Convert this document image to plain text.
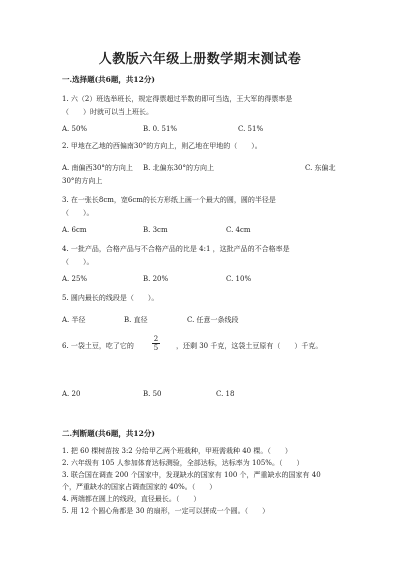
人教版六年级上册数学期末测试卷
一.选择题(共6题，共12分)
1. 六（2）班选举班长，规定得票超过半数的即可当选，王大军的得票率是
（　　）时就可以当上班长。
A. 50%	B. 0. 51%	C. 51%
2. 甲地在乙地的西偏南30°的方向上，则乙地在甲地的（　　）。
A. 南偏西30°的方向上 B. 北偏东30°的方向上	C. 东偏北
30°的方向上
3. 在一张长8cm，宽6cm的长方形纸上画一个最大的圆，圆的半径是
（　　）。
A. 6cm	B. 3cm	C. 4cm
4. 一批产品，合格产品与不合格产品的比是 4:1 ，这批产品的不合格率是
（　　）。
A. 25%	B. 20%	C. 10%
5. 圆内最长的线段是（　　）。
A. 半径	B. 直径	C. 任意一条线段
6. 一袋土豆，吃了它的
2
5	，还剩 30 千克，这袋土豆原有（　　）千克。
A. 20	B. 50	C. 18
二.判断题(共6题，共12分)
1. 把 60 棵树苗按 3:2 分给甲乙两个班栽种，甲班需栽种 40 棵。（　　）
2. 六年级有 105 人参加体育达标测验，全部达标，达标率为 105%。（　　）
3. 联合国在调查 200 个国家中，发现缺水的国家有 100 个，严重缺水的国家有 40
个，严重缺水的国家占调查国家的 40%。（　　）
4. 两端都在圆上的线段，直径最长。（　　）
5. 用 12 个圆心角都是 30 的扇形，一定可以拼成一个圆。（　　）
